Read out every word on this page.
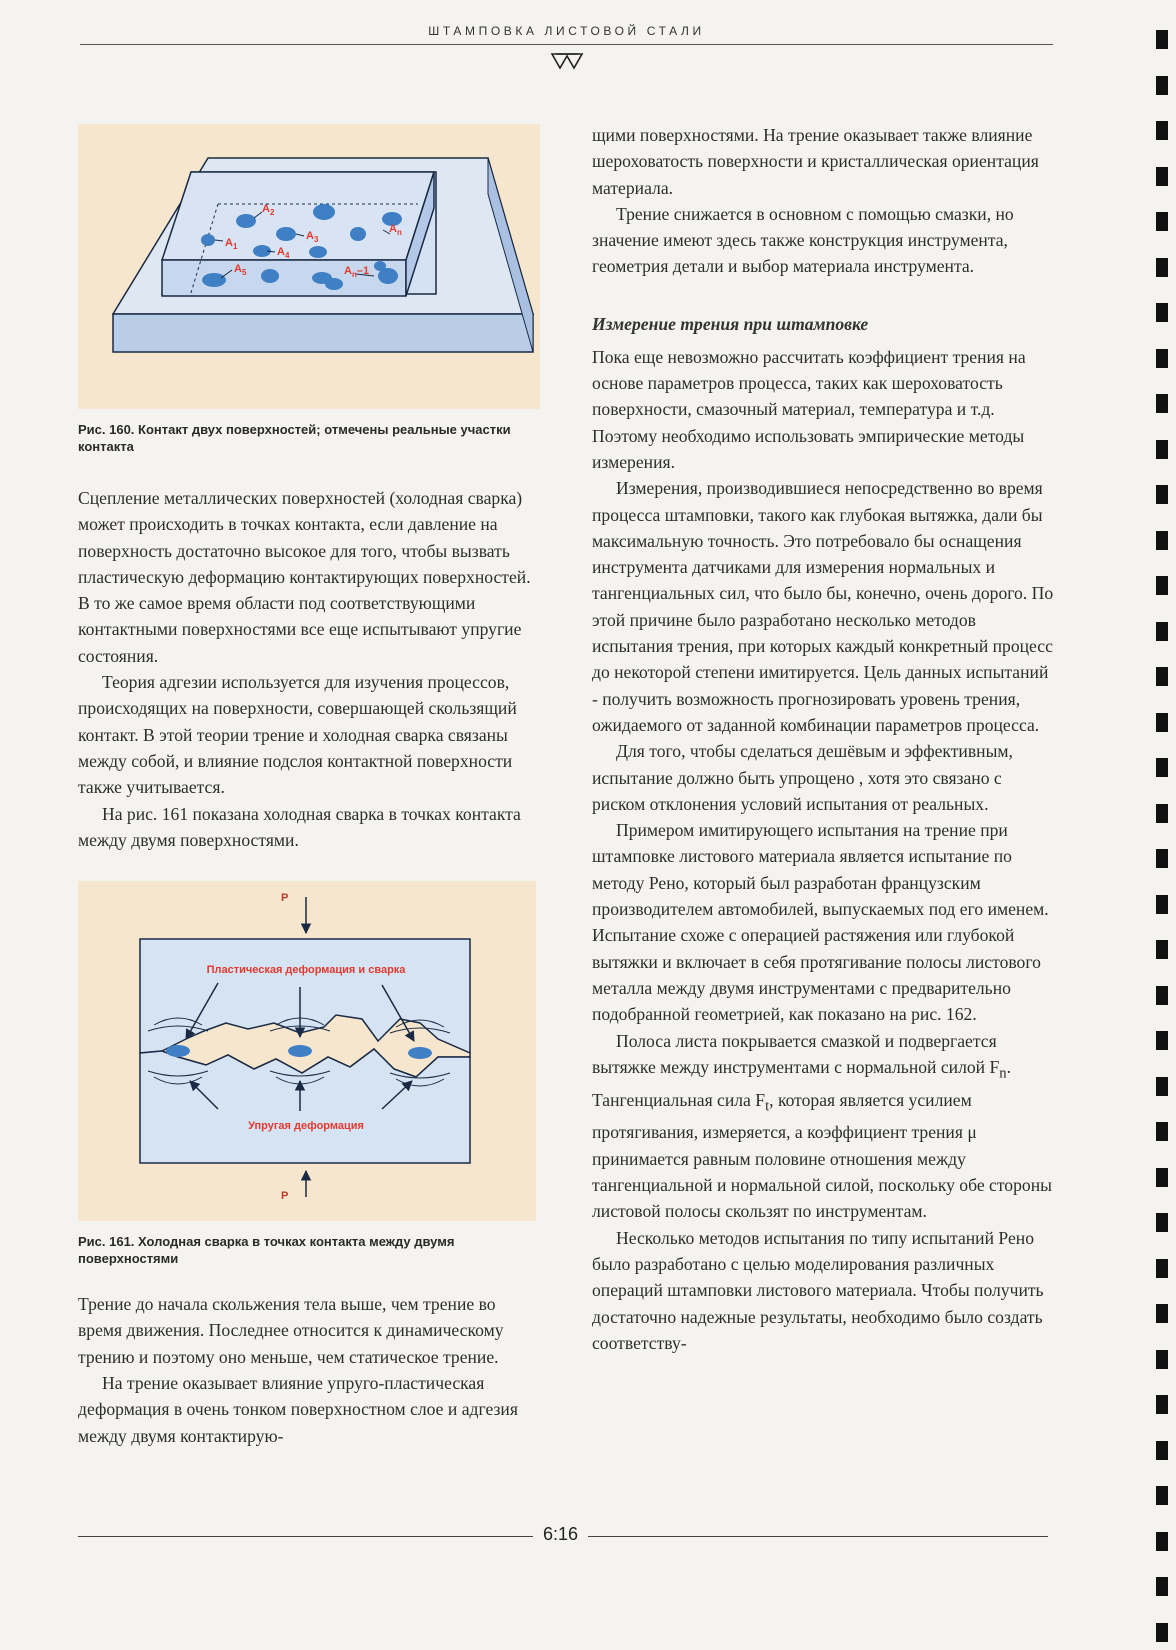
ШТАМПОВКА ЛИСТОВОЙ СТАЛИ
$A_1$
$A_2$
$A_3$
$A_4$
$A_5$
$A_n$
$A_n-1$
Рис. 160. Контакт двух поверхностей; отмечены реальные участки контакта

Сцепление металлических поверхностей (холодная сварка) может происходить в точках контакта, если давление на поверхность достаточно высокое для того, чтобы вызвать пластическую деформацию контактирующих поверхностей. В то же самое время области под соответствующими контактными поверхностями все еще испытывают упругие состояния.

Теория адгезии используется для изучения процессов, происходящих на поверхности, совершающей скользящий контакт. В этой теории трение и холодная сварка связаны между собой, и влияние подслоя контактной поверхности также учитывается.

На рис. 161 показана холодная сварка в точках контакта между двумя поверхностями.

P
P
Пластическая деформация и сварка
Упругая деформация
Рис. 161. Холодная сварка в точках контакта между двумя поверхностями

Трение до начала скольжения тела выше, чем трение во время движения. Последнее относится к динамическому трению и поэтому оно меньше, чем статическое трение.

На трение оказывает влияние упруго-пластическая деформация в очень тонком поверхностном слое и адгезия между двумя контактирую-

щими поверхностями. На трение оказывает также влияние шероховатость поверхности и кристаллическая ориентация материала.

Трение снижается в основном с помощью смазки, но значение имеют здесь также конструкция инструмента, геометрия детали и выбор материала инструмента.

Измерение трения при штамповке

Пока еще невозможно рассчитать коэффициент трения на основе параметров процесса, таких как шероховатость поверхности, смазочный материал, температура и т.д. Поэтому необходимо использовать эмпирические методы измерения.

Измерения, производившиеся непосредственно во время процесса штамповки, такого как глубокая вытяжка, дали бы максимальную точность. Это потребовало бы оснащения инструмента датчиками для измерения нормальных и тангенциальных сил, что было бы, конечно, очень дорого. По этой причине было разработано несколько методов испытания трения, при которых каждый конкретный процесс до некоторой степени имитируется. Цель данных испытаний - получить возможность прогнозировать уровень трения, ожидаемого от заданной комбинации параметров процесса.

Для того, чтобы сделаться дешёвым и эффективным, испытание должно быть упрощено , хотя это связано с риском отклонения условий испытания от реальных.

Примером имитирующего испытания на трение при штамповке листового материала является испытание по методу Рено, который был разработан французским производителем автомобилей, выпускаемых под его именем. Испытание схоже с операцией растяжения или глубокой вытяжки и включает в себя протягивание полосы листового металла между двумя инструментами с предварительно подобранной геометрией, как показано на рис. 162.

Полоса листа покрывается смазкой и подвергается вытяжке между инструментами с нормальной силой $F_n$. Тангенциальная сила $F_t$, которая является усилием протягивания, измеряется, а коэффициент трения μ принимается равным половине отношения между тангенциальной и нормальной силой, поскольку обе стороны листовой полосы скользят по инструментам.

Несколько методов испытания по типу испытаний Рено было разработано с целью моделирования различных операций штамповки листового материала. Чтобы получить достаточно надежные результаты, необходимо было создать соответству-

6:16
